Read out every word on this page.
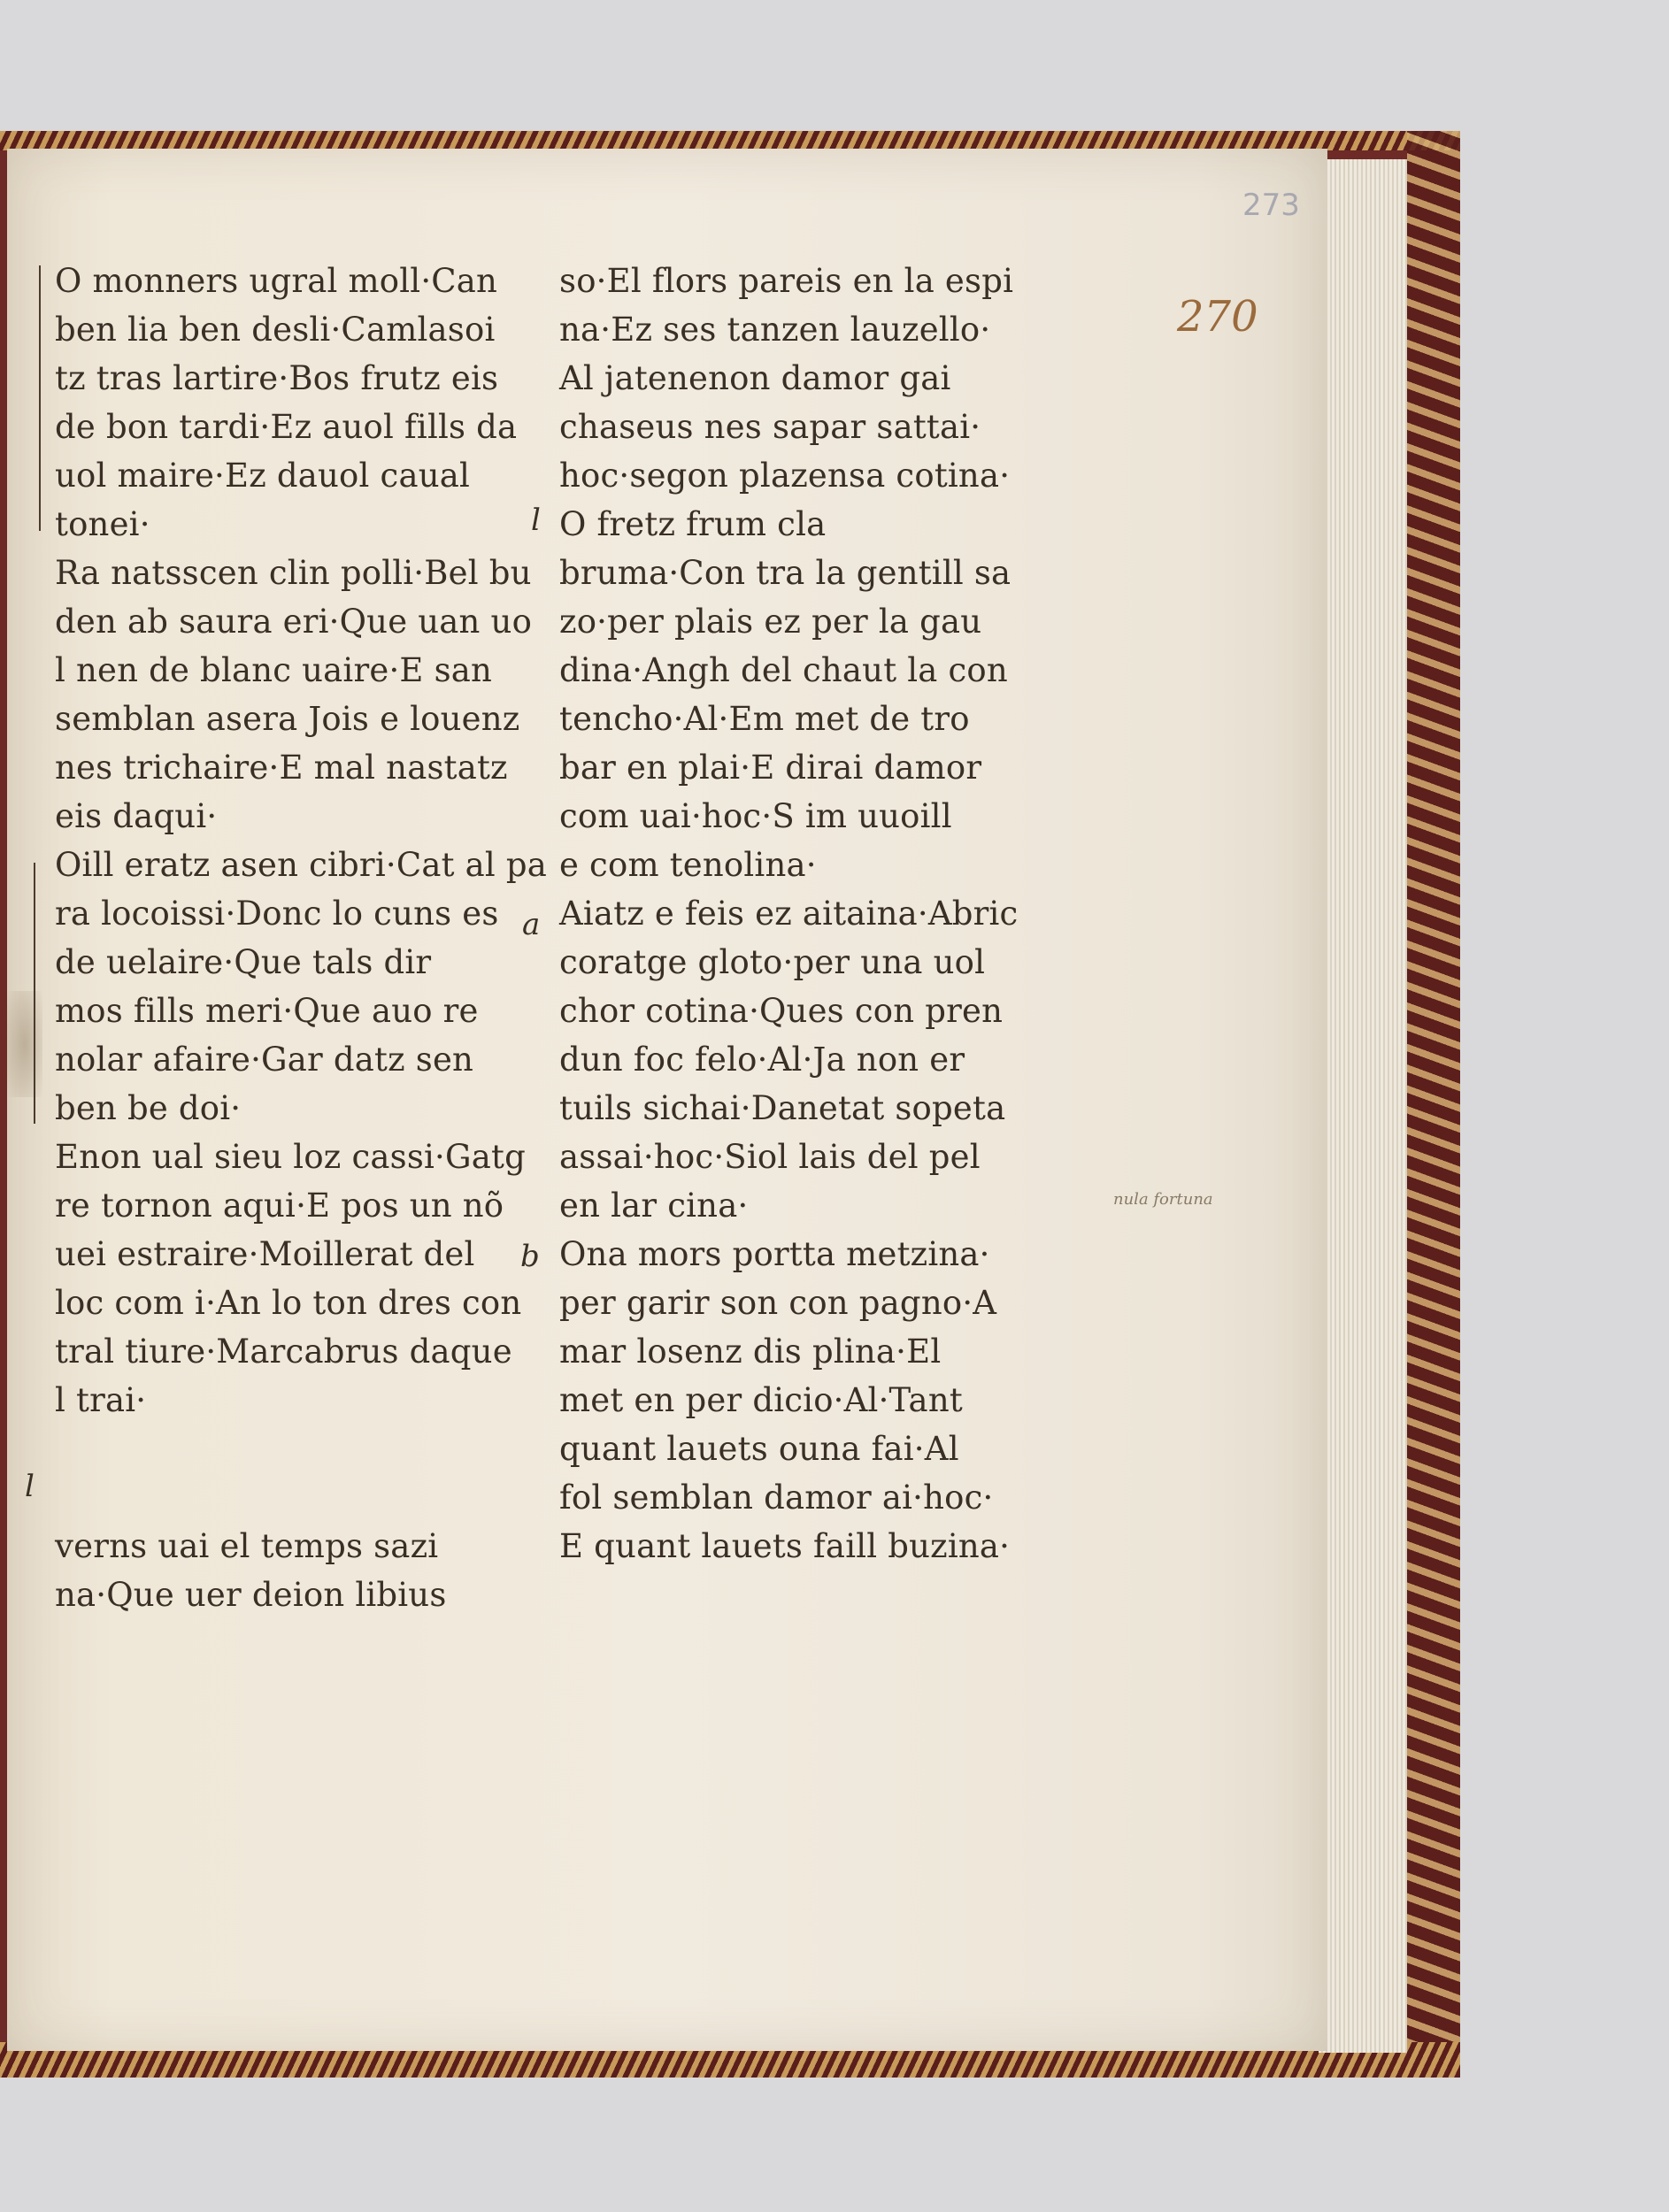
273
270
nula fortuna
l
a
b
l
O monners ugral moll·Can
ben lia ben desli·Camlasoi
tz tras lartire·Bos frutz eis
de bon tardi·Ez auol fills da
uol maire·Ez dauol caual
tonei·
Ra natsscen clin polli·Bel bu
den ab saura eri·Que uan uo
l nen de blanc uaire·E san
semblan asera Jois e louenz
nes trichaire·E mal nastatz
eis daqui·
Oill eratz asen cibri·Cat al pa
ra locoissi·Donc lo cuns es
de uelaire·Que tals dir
mos fills meri·Que auo re
nolar afaire·Gar datz sen
ben be doi·
Enon ual sieu loz cassi·Gatg
re tornon aqui·E pos un nõ
uei estraire·Moillerat del
loc com i·An lo ton dres con
tral tiure·Marcabrus daque
l trai·
verns uai el temps sazi
na·Que uer deion libius
so·El flors pareis en la espi
na·Ez ses tanzen lauzello·
Al jatenenon damor gai
chaseus nes sapar sattai·
hoc·segon plazensa cotina·
O fretz frum cla
bruma·Con tra la gentill sa
zo·per plais ez per la gau
dina·Angh del chaut la con
tencho·Al·Em met de tro
bar en plai·E dirai damor
com uai·hoc·S im uuoill
e com tenolina·
Aiatz e feis ez aitaina·Abric
coratge gloto·per una uol
chor cotina·Ques con pren
dun foc felo·Al·Ja non er
tuils sichai·Danetat sopeta
assai·hoc·Siol lais del pel
en lar cina·
Ona mors portta metzina·
per garir son con pagno·A
mar losenz dis plina·El
met en per dicio·Al·Tant
quant lauets ouna fai·Al
fol semblan damor ai·hoc·
E quant lauets faill buzina·
